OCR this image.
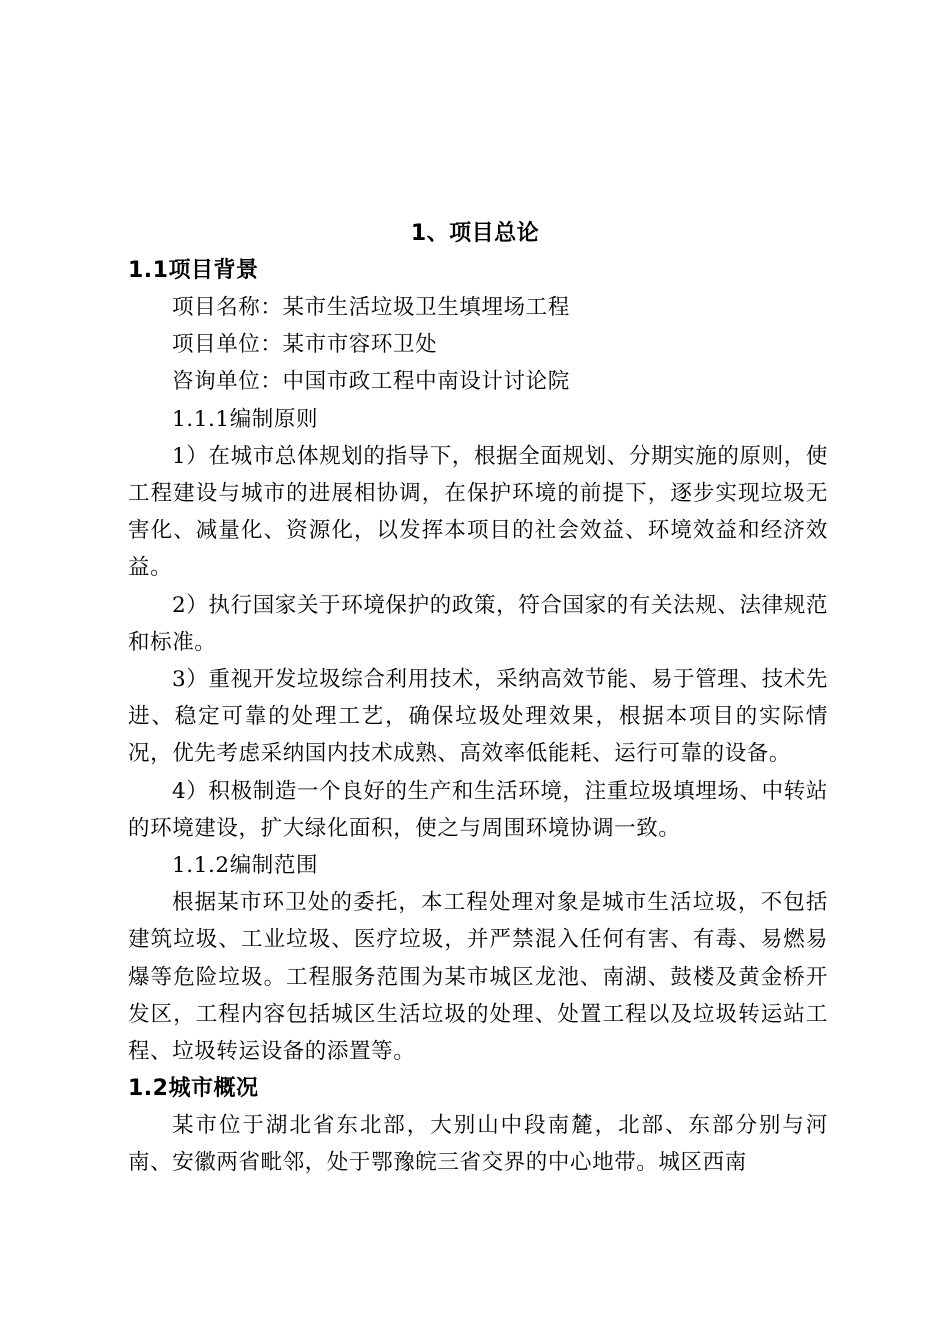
1、项目总论
1.1项目背景

项目名称：某市生活垃圾卫生填埋场工程

项目单位：某市市容环卫处

咨询单位：中国市政工程中南设计讨论院

1.1.1编制原则

1）在城市总体规划的指导下，根据全面规划、分期实施的原则，使工程建设与城市的进展相协调，在保护环境的前提下，逐步实现垃圾无害化、减量化、资源化，以发挥本项目的社会效益、环境效益和经济效益。

2）执行国家关于环境保护的政策，符合国家的有关法规、法律规范和标准。

3）重视开发垃圾综合利用技术，采纳高效节能、易于管理、技术先进、稳定可靠的处理工艺，确保垃圾处理效果，根据本项目的实际情况，优先考虑采纳国内技术成熟、高效率低能耗、运行可靠的设备。

4）积极制造一个良好的生产和生活环境，注重垃圾填埋场、中转站的环境建设，扩大绿化面积，使之与周围环境协调一致。

1.1.2编制范围

根据某市环卫处的委托，本工程处理对象是城市生活垃圾，不包括建筑垃圾、工业垃圾、医疗垃圾，并严禁混入任何有害、有毒、易燃易爆等危险垃圾。工程服务范围为某市城区龙池、南湖、鼓楼及黄金桥开发区，工程内容包括城区生活垃圾的处理、处置工程以及垃圾转运站工程、垃圾转运设备的添置等。

1.2城市概况

某市位于湖北省东北部，大别山中段南麓，北部、东部分别与河南、安徽两省毗邻，处于鄂豫皖三省交界的中心地带。城区西南
